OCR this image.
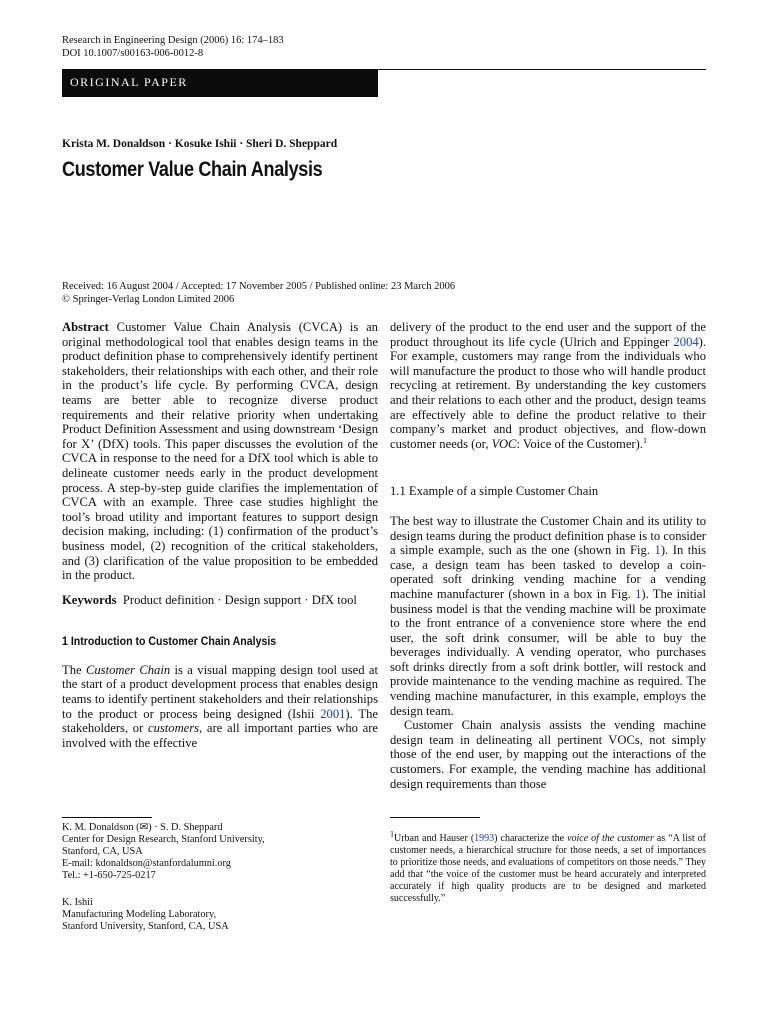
Research in Engineering Design (2006) 16: 174–183
DOI 10.1007/s00163-006-0012-8
ORIGINAL PAPER
Krista M. Donaldson · Kosuke Ishii · Sheri D. Sheppard
Customer Value Chain Analysis
Received: 16 August 2004 / Accepted: 17 November 2005 / Published online: 23 March 2006
© Springer-Verlag London Limited 2006

Abstract Customer Value Chain Analysis (CVCA) is an original methodological tool that enables design teams in the product definition phase to comprehensively identify pertinent stakeholders, their relationships with each other, and their role in the product’s life cycle. By performing CVCA, design teams are better able to recognize diverse product requirements and their relative priority when undertaking Product Definition Assessment and using downstream ‘Design for X’ (DfX) tools. This paper discusses the evolution of the CVCA in response to the need for a DfX tool which is able to delineate customer needs early in the product development process. A step-by-step guide clarifies the implementation of CVCA with an example. Three case studies highlight the tool’s broad utility and important features to support design decision making, including: (1) confirmation of the product’s business model, (2) recognition of the critical stakeholders, and (3) clarification of the value proposition to be embedded in the product.

Keywords Product definition · Design support · DfX tool

1 Introduction to Customer Chain Analysis

The Customer Chain is a visual mapping design tool used at the start of a product development process that enables design teams to identify pertinent stakeholders and their relationships to the product or process being designed (Ishii 2001). The stakeholders, or customers, are all important parties who are involved with the effective

delivery of the product to the end user and the support of the product throughout its life cycle (Ulrich and Eppinger 2004). For example, customers may range from the individuals who will manufacture the product to those who will handle product recycling at retirement. By understanding the key customers and their relations to each other and the product, design teams are effectively able to define the product relative to their company’s market and product objectives, and flow-down customer needs (or, VOC: Voice of the Customer).$^1$

1.1 Example of a simple Customer Chain

The best way to illustrate the Customer Chain and its utility to design teams during the product definition phase is to consider a simple example, such as the one (shown in Fig. 1). In this case, a design team has been tasked to develop a coin-operated soft drinking vending machine for a vending machine manufacturer (shown in a box in Fig. 1). The initial business model is that the vending machine will be proximate to the front entrance of a convenience store where the end user, the soft drink consumer, will be able to buy the beverages individually. A vending operator, who purchases soft drinks directly from a soft drink bottler, will restock and provide maintenance to the vending machine as required. The vending machine manufacturer, in this example, employs the design team.

Customer Chain analysis assists the vending machine design team in delineating all pertinent VOCs, not simply those of the end user, by mapping out the interactions of the customers. For example, the vending machine has additional design requirements than those

K. M. Donaldson (✉) · S. D. Sheppard
Center for Design Research, Stanford University,
Stanford, CA, USA
E-mail: kdonaldson@stanfordalumni.org
Tel.: +1-650-725-0217
K. Ishii
Manufacturing Modeling Laboratory,
Stanford University, Stanford, CA, USA
$^1$Urban and Hauser (1993) characterize the voice of the customer as “A list of customer needs, a hierarchical structure for those needs, a set of importances to prioritize those needs, and evaluations of competitors on those needs.” They add that “the voice of the customer must be heard accurately and interpreted accurately if high quality products are to be designed and marketed successfully.”
